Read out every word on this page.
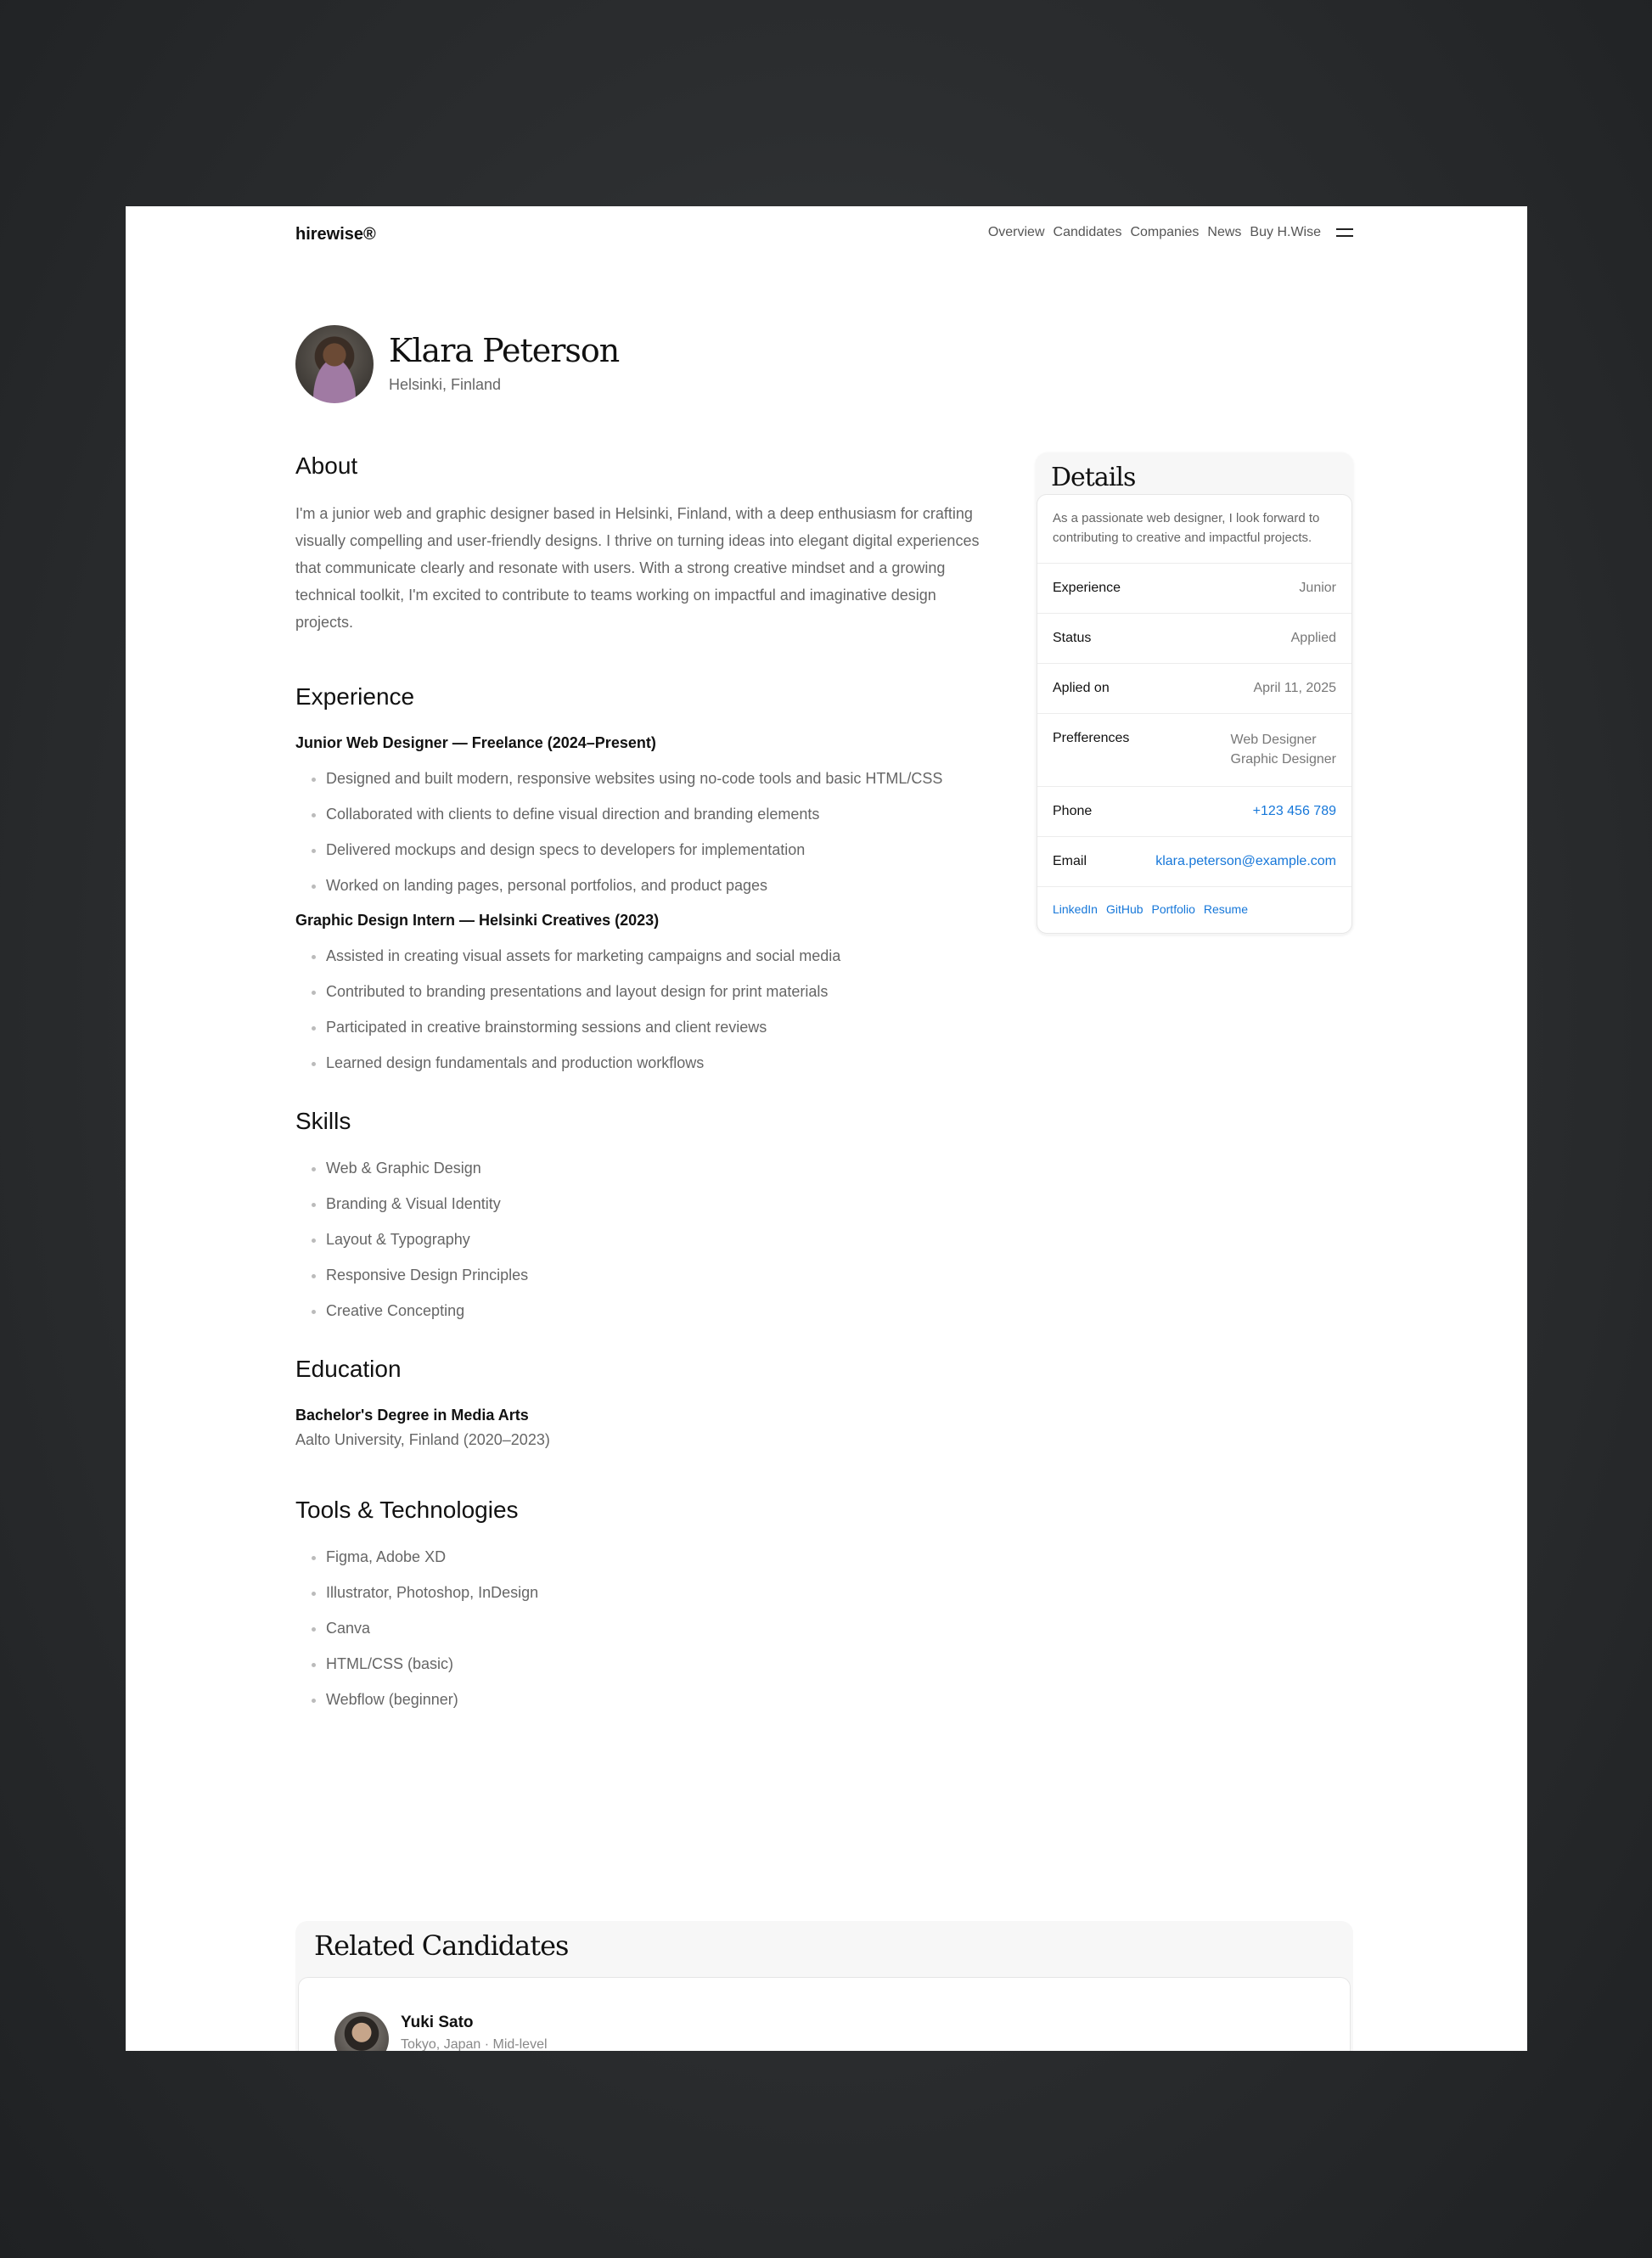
hirewise®	Overview Candidates Companies News Buy H.Wise
Klara Peterson
Helsinki, Finland
About

I'm a junior web and graphic designer based in Helsinki, Finland, with a deep enthusiasm for crafting visually compelling and user-friendly designs. I thrive on turning ideas into elegant digital experiences that communicate clearly and resonate with users. With a strong creative mindset and a growing technical toolkit, I'm excited to contribute to teams working on impactful and imaginative design projects.

Experience
Junior Web Designer — Freelance (2024–Present)
• Designed and built modern, responsive websites using no-code tools and basic HTML/CSS
• Collaborated with clients to define visual direction and branding elements
• Delivered mockups and design specs to developers for implementation
• Worked on landing pages, personal portfolios, and product pages
Graphic Design Intern — Helsinki Creatives (2023)
• Assisted in creating visual assets for marketing campaigns and social media
• Contributed to branding presentations and layout design for print materials
• Participated in creative brainstorming sessions and client reviews
• Learned design fundamentals and production workflows
Skills
• Web & Graphic Design
• Branding & Visual Identity
• Layout & Typography
• Responsive Design Principles
• Creative Concepting
Education
Bachelor's Degree in Media Arts
Aalto University, Finland (2020–2023)
Tools & Technologies
• Figma, Adobe XD
• Illustrator, Photoshop, InDesign
• Canva
• HTML/CSS (basic)
• Webflow (beginner)
Details
As a passionate web designer, I look forward to contributing to creative and impactful projects.
Experience	Junior
Status	Applied
Aplied on	April 11, 2025
Prefferences	Web Designer
Graphic Designer
Phone	+123 456 789
Email	klara.peterson@example.com
LinkedIn GitHub Portfolio Resume
Related Candidates
Yuki Sato
Tokyo, Japan · Mid-level
